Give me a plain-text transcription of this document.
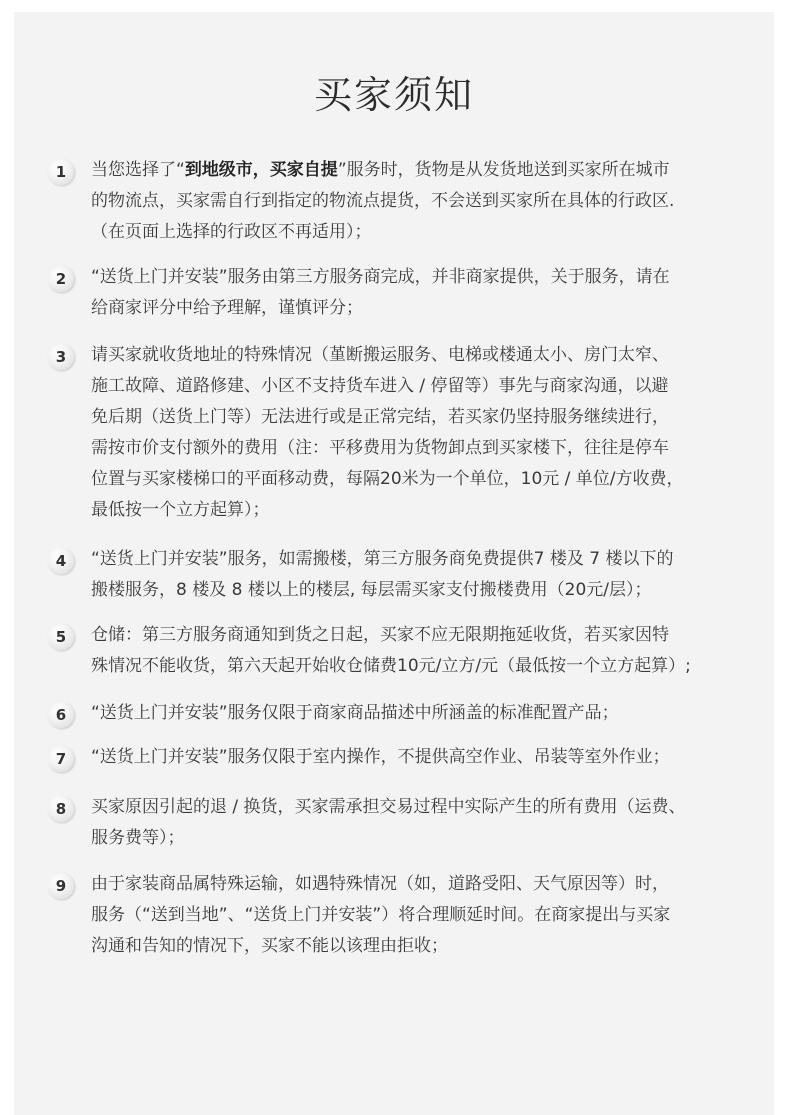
买家须知
1	当您选择了“到地级市，买家自提”服务时，货物是从发货地送到买家所在城市
的物流点，买家需自行到指定的物流点提货，不会送到买家所在具体的行政区.
（在页面上选择的行政区不再适用）；

2	“送货上门并安装”服务由第三方服务商完成，并非商家提供，关于服务，请在
给商家评分中给予理解，谨慎评分；

3	请买家就收货地址的特殊情况（堇断搬运服务、电梯或楼通太小、房门太窄、
施工故障、道路修建、小区不支持货车进入 / 停留等）事先与商家沟通，以避
免后期（送货上门等）无法进行或是正常完结，若买家仍坚持服务继续进行，
需按市价支付额外的费用（注：平移费用为货物卸点到买家楼下，往往是停车
位置与买家楼梯口的平面移动费，每隔20米为一个单位，10元 / 单位/方收费，
最低按一个立方起算）；

4	“送货上门并安装”服务，如需搬楼，第三方服务商免费提供7 楼及 7 楼以下的
搬楼服务，8 楼及 8 楼以上的楼层, 每层需买家支付搬楼费用（20元/层）；

5	仓储：第三方服务商通知到货之日起，买家不应无限期拖延收货，若买家因特
殊情况不能收货，第六天起开始收仓储费10元/立方/元（最低按一个立方起算）;

6	“送货上门并安装”服务仅限于商家商品描述中所涵盖的标准配置产品；

7	“送货上门并安装”服务仅限于室内操作，不提供高空作业、吊装等室外作业；

8	买家原因引起的退 / 换货，买家需承担交易过程中实际产生的所有费用（运费、
服务费等）；

9	由于家装商品属特殊运输，如遇特殊情况（如，道路受阳、天气原因等）时，
服务（“送到当地”、“送货上门并安装”）将合理顺延时间。在商家提出与买家
沟通和告知的情况下，买家不能以该理由拒收；
